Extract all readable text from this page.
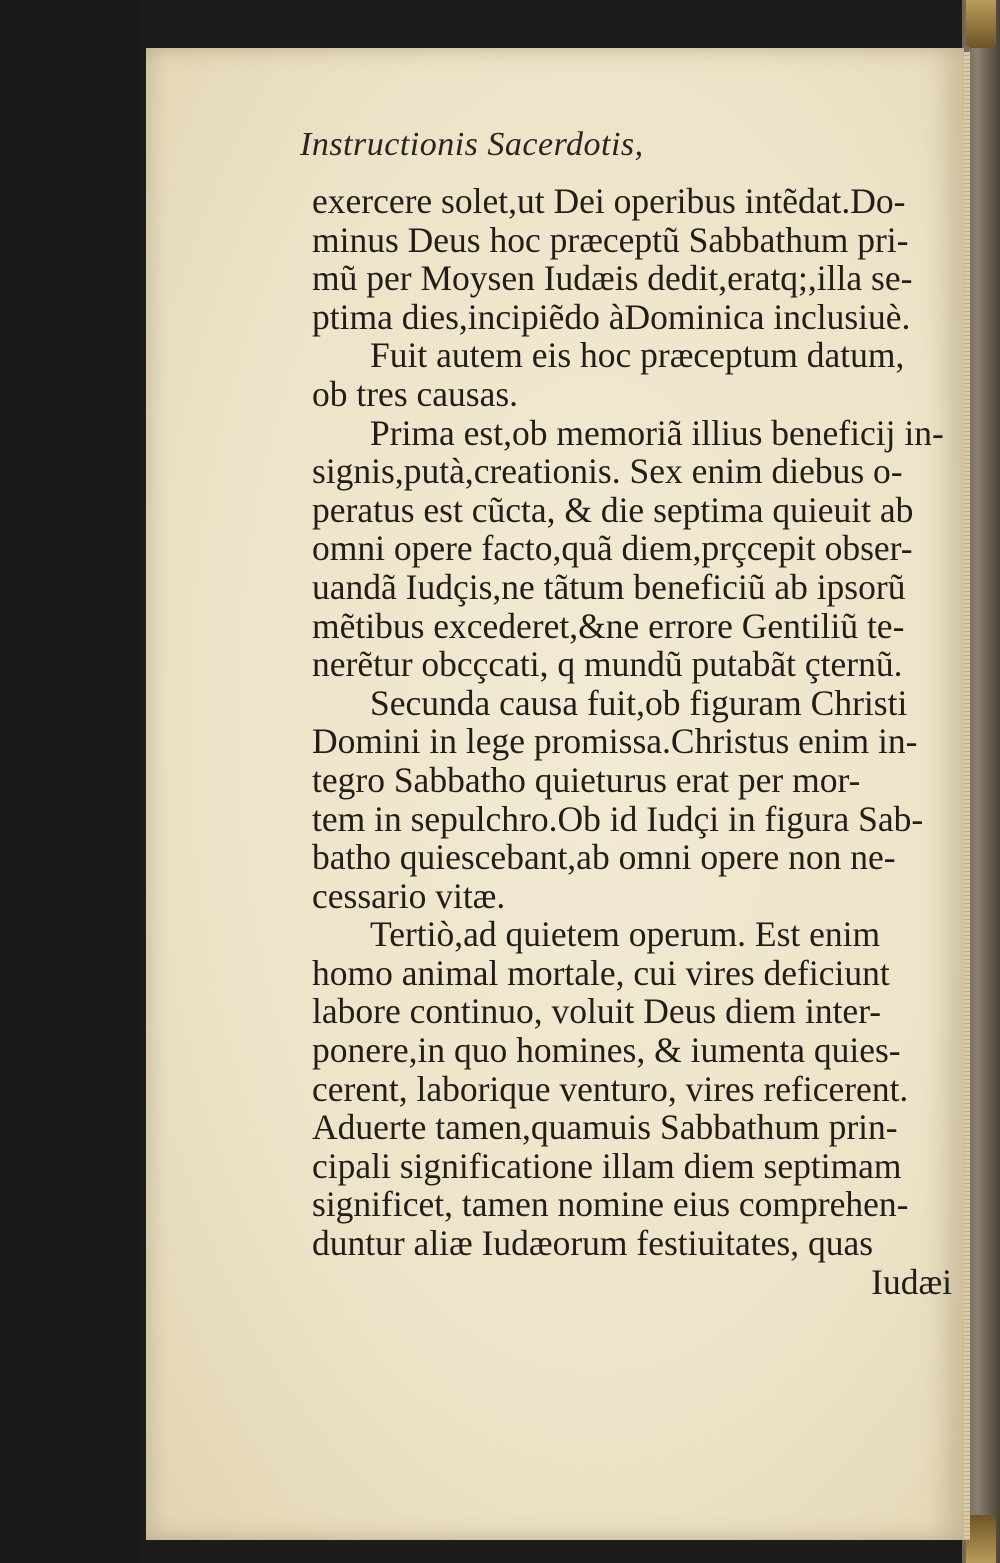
Instructionis Sacerdotis,
exercere solet,ut Dei operibus intẽdat.Do-
minus Deus hoc præceptũ Sabbathum pri-
mũ per Moysen Iudæis dedit,eratq;,illa se-
ptima dies,incipiẽdo àDominica inclusiuè.
Fuit autem eis hoc præceptum datum,
ob tres causas.
Prima est,ob memoriã illius beneficij in-
signis,putà,creationis. Sex enim diebus o-
peratus est cũcta, & die septima quieuit ab
omni opere facto,quã diem,prçcepit obser-
uandã Iudçis,ne tãtum beneficiũ ab ipsorũ
mẽtibus excederet,&ne errore Gentiliũ te-
nerẽtur obcçcati, q mundũ putabãt çternũ.
Secunda causa fuit,ob figuram Christi
Domini in lege promissa.Christus enim in-
tegro Sabbatho quieturus erat per mor-
tem in sepulchro.Ob id Iudçi in figura Sab-
batho quiescebant,ab omni opere non ne-
cessario vitæ.
Tertiò,ad quietem operum. Est enim
homo animal mortale, cui vires deficiunt
labore continuo, voluit Deus diem inter-
ponere,in quo homines, & iumenta quies-
cerent, laborique venturo, vires reficerent.
Aduerte tamen,quamuis Sabbathum prin-
cipali significatione illam diem septimam
significet, tamen nomine eius comprehen-
duntur aliæ Iudæorum festiuitates, quas
Iudæi
